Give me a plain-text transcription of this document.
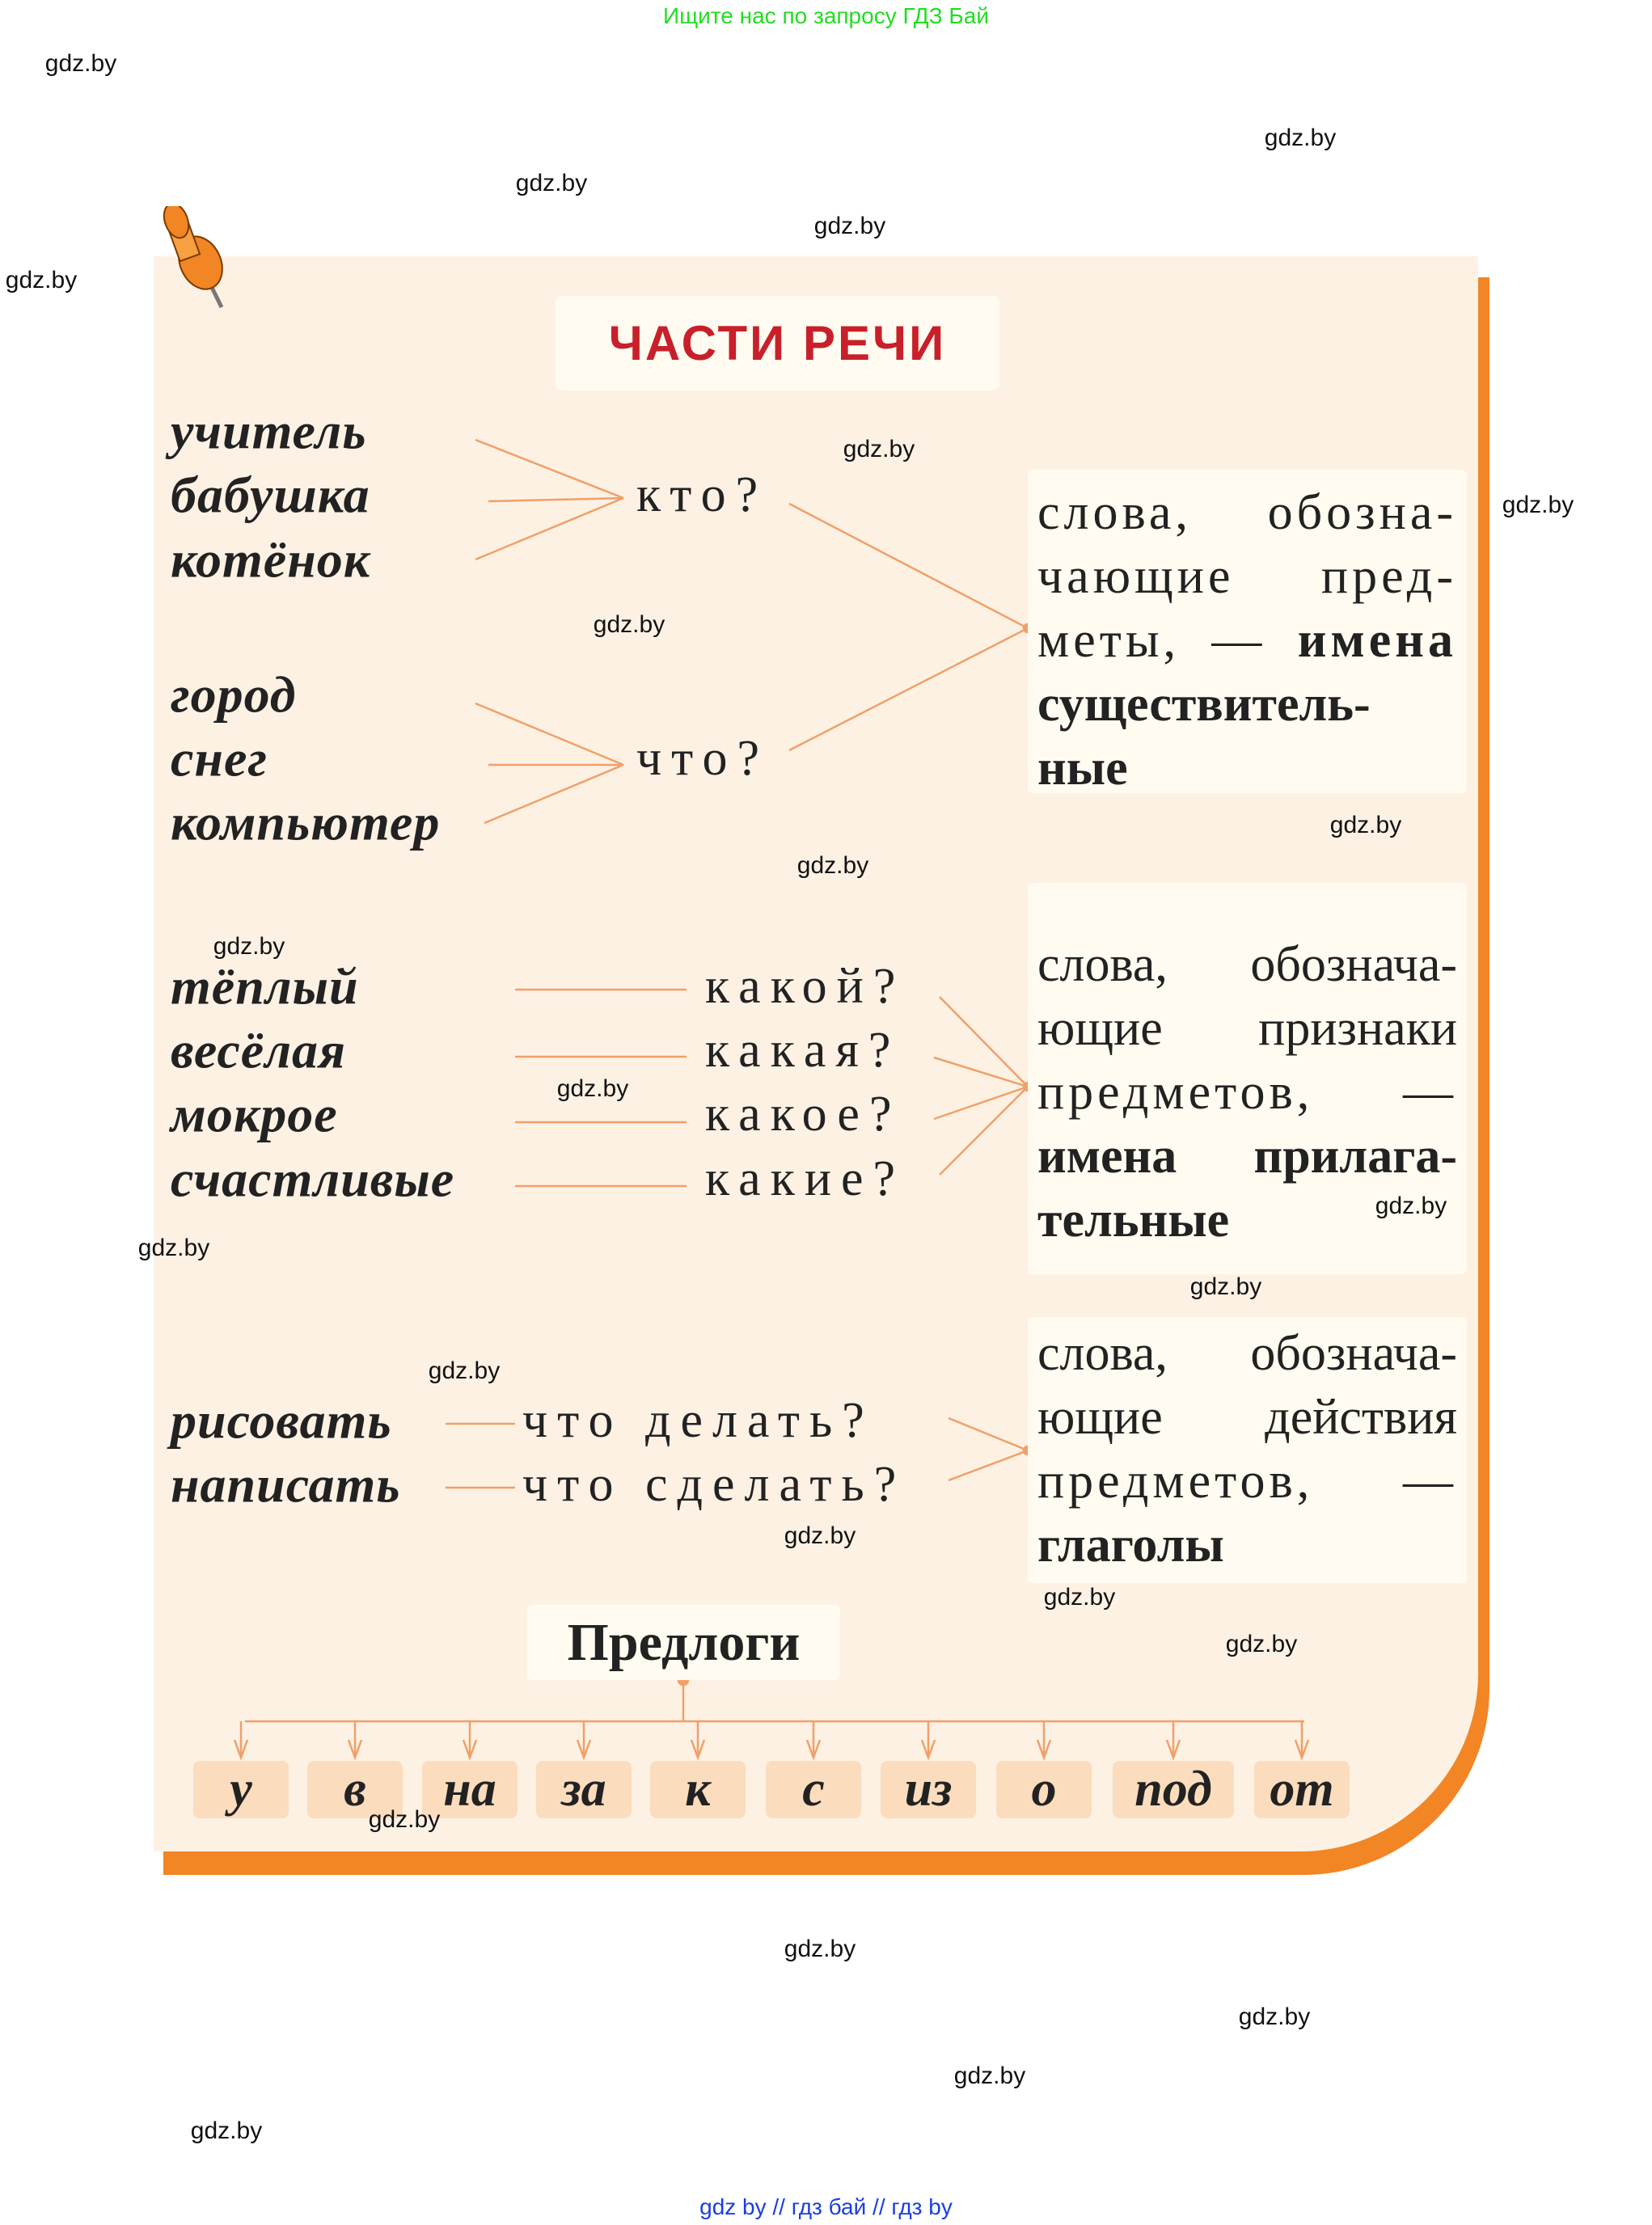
Ищите нас по запросу ГДЗ Бай
ЧАСТИ РЕЧИ
учитель
бабушка
котёнок
кто?
город
снег
компьютер
что?
слова, обозна-
чающие пред-
меты, — имена
существитель-
ные
тёплый
весёлая
мокрое
счастливые
какой?
какая?
какое?
какие?
слова, обознача-
ющие признаки
предметов, —
имена прилага-
тельные
рисовать
написать
что делать?
что сделать?
слова, обознача-
ющие действия
предметов, —
глаголы
Предлоги
у в на за к с из о под от
gdz.by
gdz.by
gdz.by
gdz.by
gdz.by
gdz.by
gdz.by
gdz.by
gdz.by
gdz.by
gdz.by
gdz.by
gdz.by
gdz.by
gdz.by
gdz.by
gdz.by
gdz.by
gdz.by
gdz.by
gdz.by
gdz.by
gdz.by
gdz.by
gdz by // гдз бай // гдз by
